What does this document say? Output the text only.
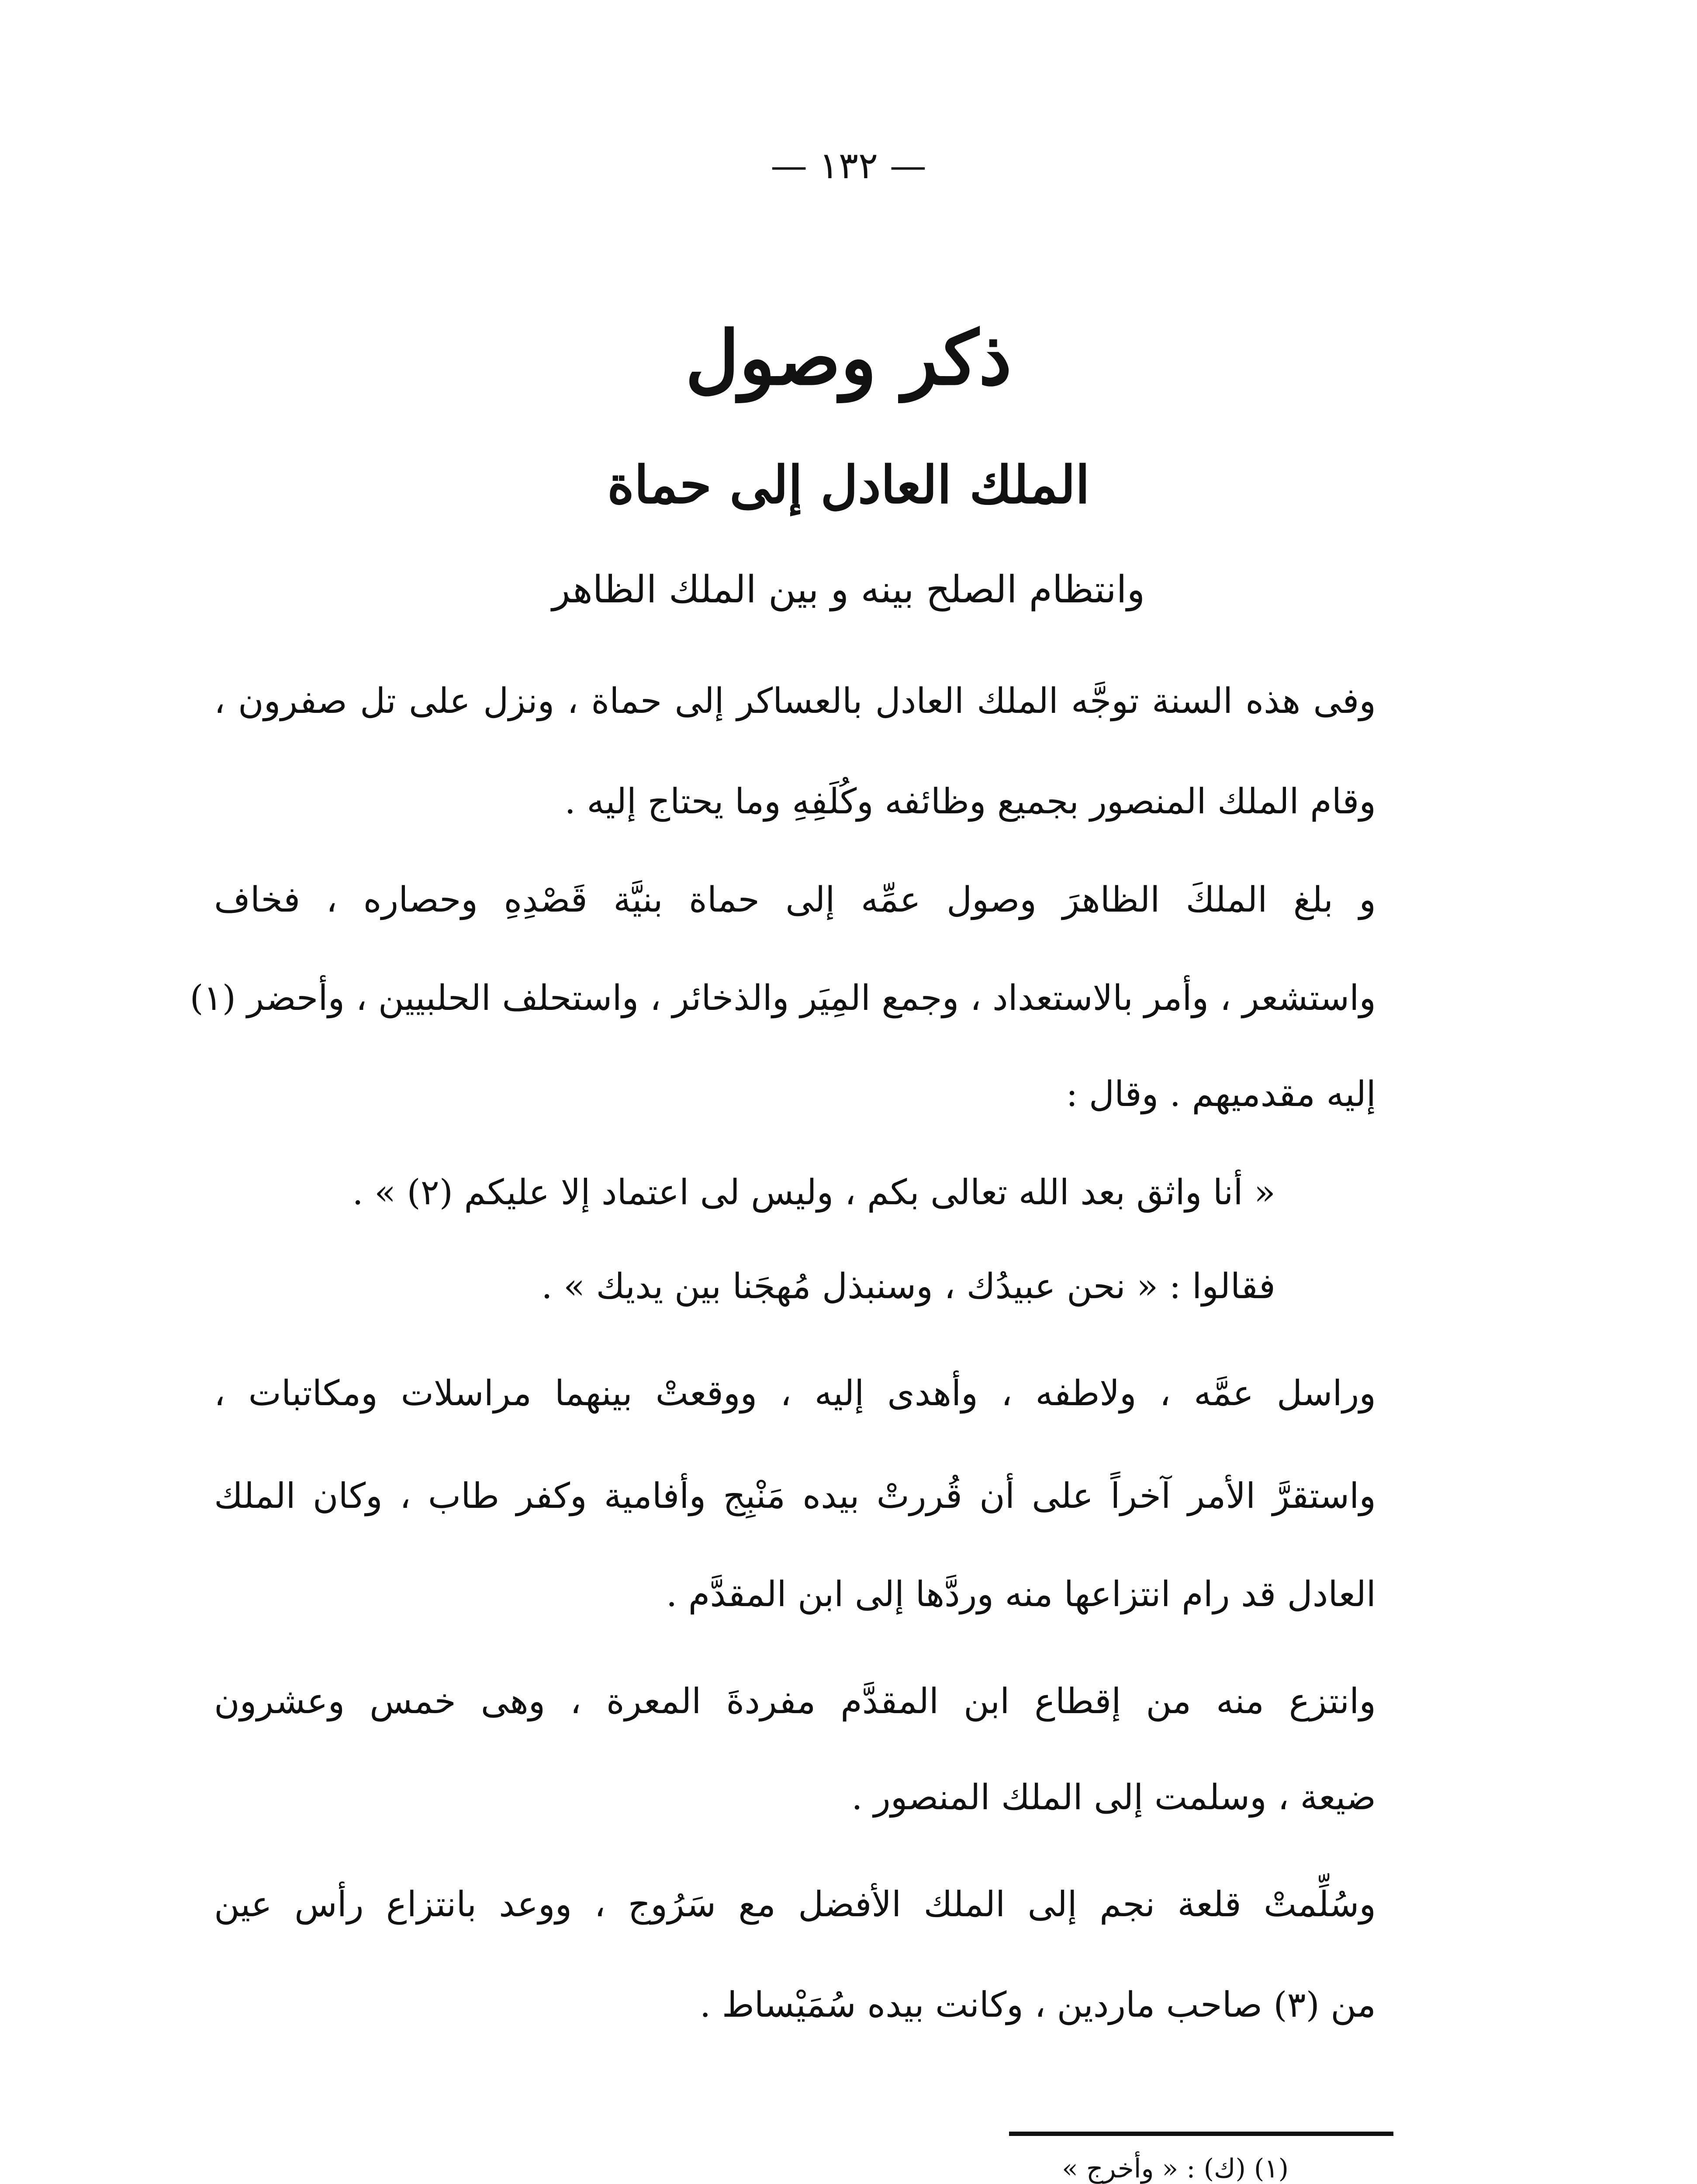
— ١٣٢ —
ذكر وصول
الملك العادل إلى حماة
وانتظام الصلح بينه و بين الملك الظاهر
وفى هذه السنة توجَّه الملك العادل بالعساكر إلى حماة ، ونزل على تل صفرون ،
وقام الملك المنصور بجميع وظائفه وكُلَفِهِ وما يحتاج إليه .
و بلغ الملكَ الظاهرَ وصول عمِّه إلى حماة بنيَّة قَصْدِهِ وحصاره ، فخاف
واستشعر ، وأمر بالاستعداد ، وجمع المِيَر والذخائر ، واستحلف الحلبيين ، وأحضر (١)
إليه مقدميهم . وقال :
« أنا واثق بعد الله تعالى بكم ، وليس لى اعتماد إلا عليكم (٢) » .
فقالوا : « نحن عبيدُك ، وسنبذل مُهجَنا بين يديك » .
وراسل عمَّه ، ولاطفه ، وأهدى إليه ، ووقعتْ بينهما مراسلات ومكاتبات ،
واستقرَّ الأمر آخراً على أن قُررتْ بيده مَنْبِج وأفامية وكفر طاب ، وكان الملك
العادل قد رام انتزاعها منه وردَّها إلى ابن المقدَّم .
وانتزع منه من إقطاع ابن المقدَّم مفردةَ المعرة ، وهى خمس وعشرون
ضيعة ، وسلمت إلى الملك المنصور .
وسُلِّمتْ قلعة نجم إلى الملك الأفضل مع سَرُوج ، ووعد بانتزاع رأس عين
من (٣) صاحب ماردين ، وكانت بيده سُمَيْساط .
(١) (ك) : « وأخرج »
